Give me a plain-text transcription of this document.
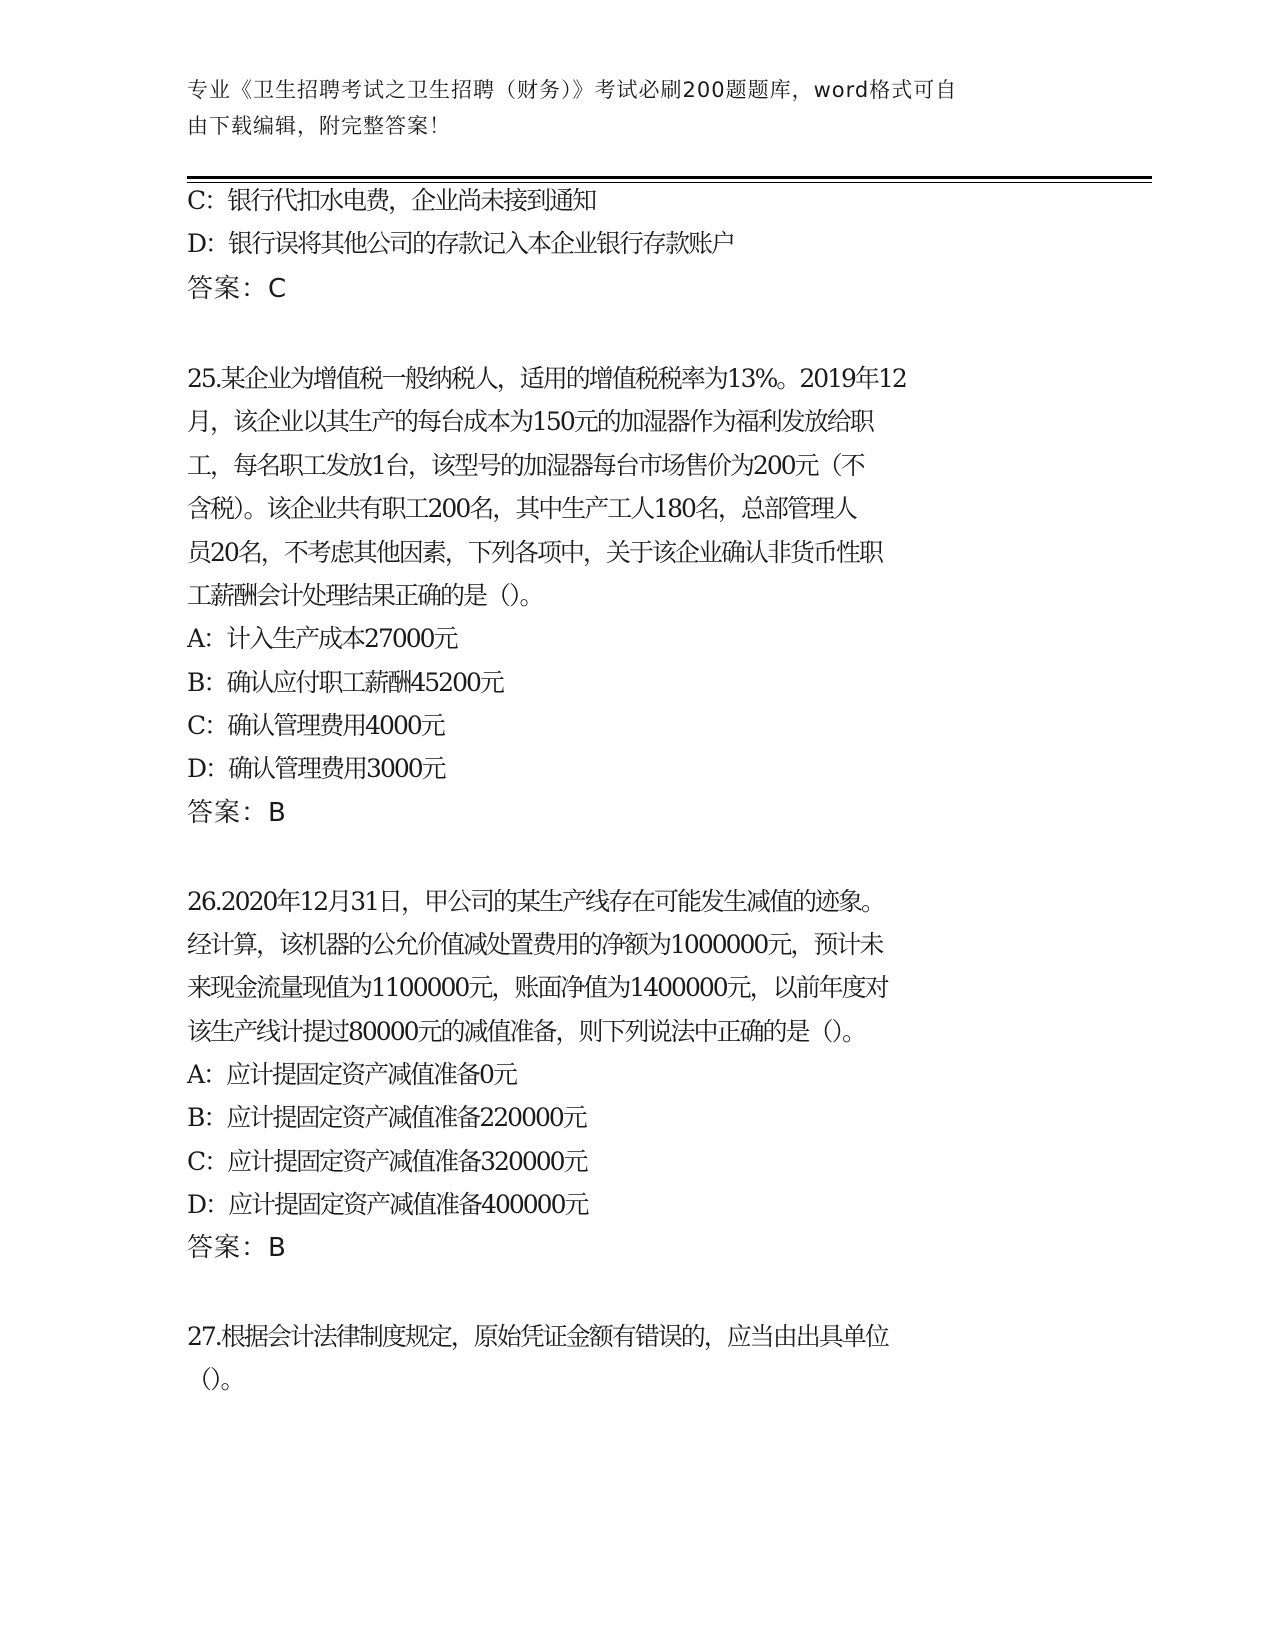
专业《卫生招聘考试之卫生招聘（财务）》考试必刷200题题库，word格式可自
由下载编辑，附完整答案！
C：银行代扣水电费，企业尚未接到通知
D：银行误将其他公司的存款记入本企业银行存款账户
答案：C
25.某企业为增值税一般纳税人，适用的增值税税率为13%。2019年12
月，该企业以其生产的每台成本为150元的加湿器作为福利发放给职
工，每名职工发放1台，该型号的加湿器每台市场售价为200元（不
含税）。该企业共有职工200名，其中生产工人180名，总部管理人
员20名，不考虑其他因素，下列各项中，关于该企业确认非货币性职
工薪酬会计处理结果正确的是（）。
A：计入生产成本27000元
B：确认应付职工薪酬45200元
C：确认管理费用4000元
D：确认管理费用3000元
答案：B
26.2020年12月31日，甲公司的某生产线存在可能发生减值的迹象。
经计算，该机器的公允价值减处置费用的净额为1000000元，预计未
来现金流量现值为1100000元，账面净值为1400000元，以前年度对
该生产线计提过80000元的减值准备，则下列说法中正确的是（）。
A：应计提固定资产减值准备0元
B：应计提固定资产减值准备220000元
C：应计提固定资产减值准备320000元
D：应计提固定资产减值准备400000元
答案：B
27.根据会计法律制度规定，原始凭证金额有错误的，应当由出具单位
（）。
